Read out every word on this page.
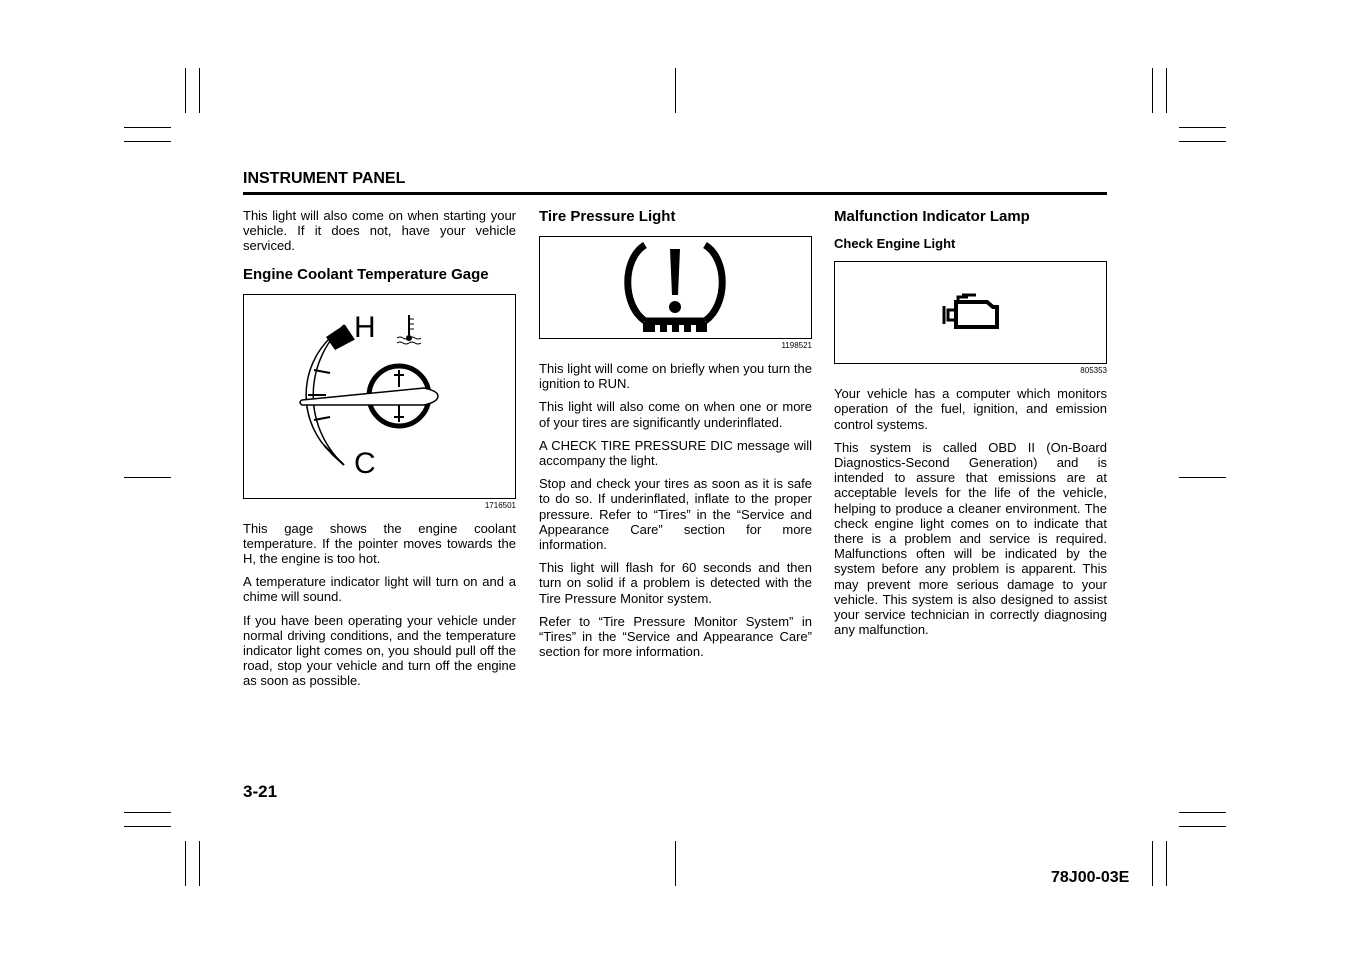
INSTRUMENT PANEL

This light will also come on when starting your vehicle. If it does not, have your vehicle serviced.

Engine Coolant Temperature Gage
H
C
1716501

This gage shows the engine coolant temperature. If the pointer moves towards the H, the engine is too hot.

A temperature indicator light will turn on and a chime will sound.

If you have been operating your vehicle under normal driving conditions, and the temperature indicator light comes on, you should pull off the road, stop your vehicle and turn off the engine as soon as possible.

Tire Pressure Light
1198521

This light will come on briefly when you turn the ignition to RUN.

This light will also come on when one or more of your tires are significantly underinflated.

A CHECK TIRE PRESSURE DIC message will accompany the light.

Stop and check your tires as soon as it is safe to do so. If underinflated, inflate to the proper pressure. Refer to “Tires” in the “Service and Appearance Care” section for more information.

This light will flash for 60 seconds and then turn on solid if a problem is detected with the Tire Pressure Monitor system.

Refer to “Tire Pressure Monitor System” in “Tires” in the “Service and Appearance Care” section for more information.

Malfunction Indicator Lamp
Check Engine Light
805353

Your vehicle has a computer which monitors operation of the fuel, ignition, and emission control systems.

This system is called OBD II (On-Board Diagnostics-Second Generation) and is intended to assure that emissions are at acceptable levels for the life of the vehicle, helping to produce a cleaner environment. The check engine light comes on to indicate that there is a problem and service is required. Malfunctions often will be indicated by the system before any problem is apparent. This may prevent more serious damage to your vehicle. This system is also designed to assist your service technician in correctly diagnosing any malfunction.

3-21
78J00-03E
